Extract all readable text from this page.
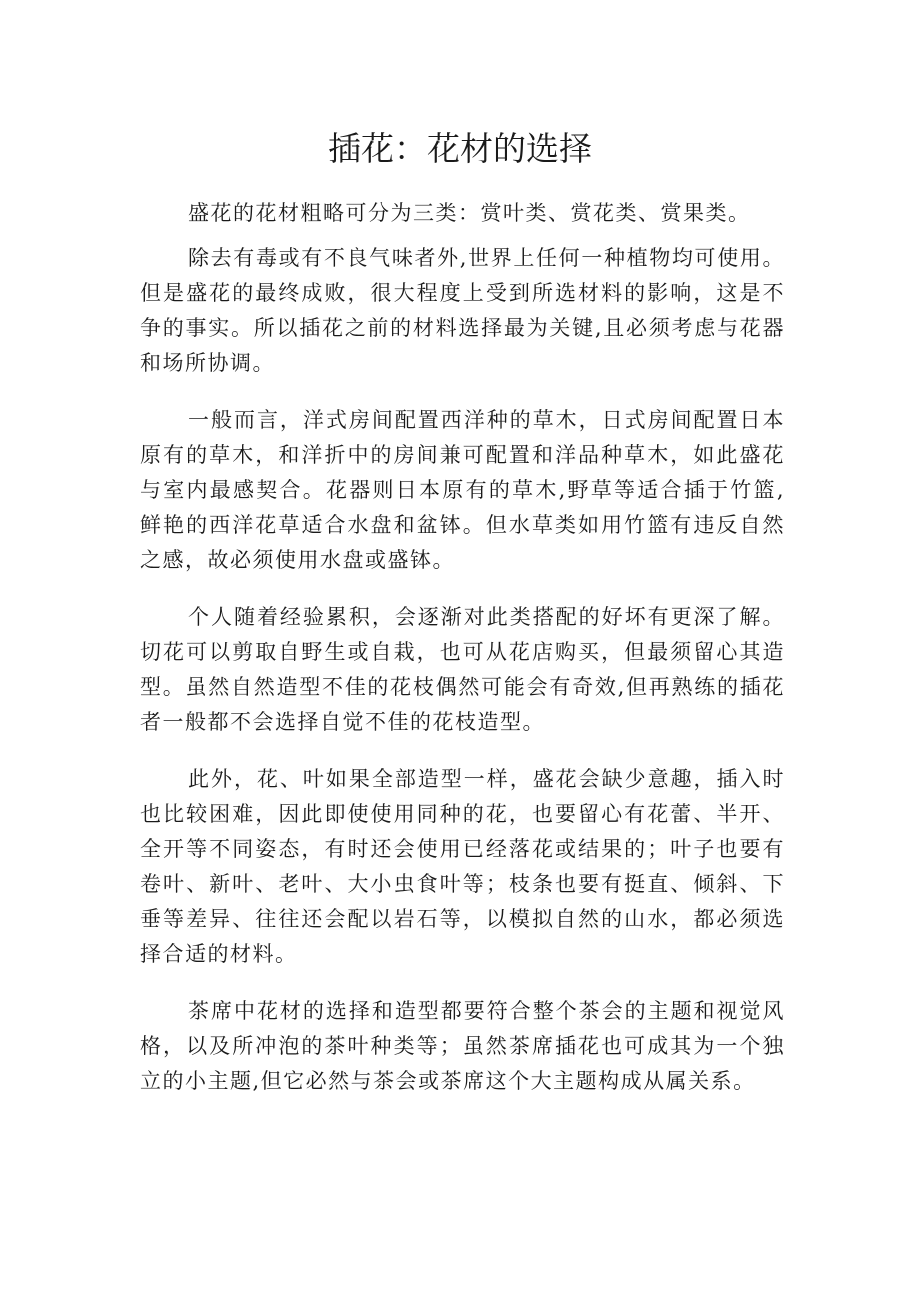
插花：花材的选择

盛花的花材粗略可分为三类：赏叶类、赏花类、赏果类。

除去有毒或有不良气味者外,世界上任何一种植物均可使用。但是盛花的最终成败，很大程度上受到所选材料的影响，这是不争的事实。所以插花之前的材料选择最为关键,且必须考虑与花器和场所协调。

一般而言，洋式房间配置西洋种的草木，日式房间配置日本原有的草木，和洋折中的房间兼可配置和洋品种草木，如此盛花与室内最感契合。花器则日本原有的草木,野草等适合插于竹篮,鲜艳的西洋花草适合水盘和盆钵。但水草类如用竹篮有违反自然之感，故必须使用水盘或盛钵。

个人随着经验累积，会逐渐对此类搭配的好坏有更深了解。切花可以剪取自野生或自栽，也可从花店购买，但最须留心其造型。虽然自然造型不佳的花枝偶然可能会有奇效,但再熟练的插花者一般都不会选择自觉不佳的花枝造型。

此外，花、叶如果全部造型一样，盛花会缺少意趣，插入时也比较困难，因此即使使用同种的花，也要留心有花蕾、半开、全开等不同姿态，有时还会使用已经落花或结果的；叶子也要有卷叶、新叶、老叶、大小虫食叶等；枝条也要有挺直、倾斜、下垂等差异、往往还会配以岩石等，以模拟自然的山水，都必须选择合适的材料。

茶席中花材的选择和造型都要符合整个茶会的主题和视觉风格，以及所冲泡的茶叶种类等；虽然茶席插花也可成其为一个独立的小主题,但它必然与茶会或茶席这个大主题构成从属关系。
